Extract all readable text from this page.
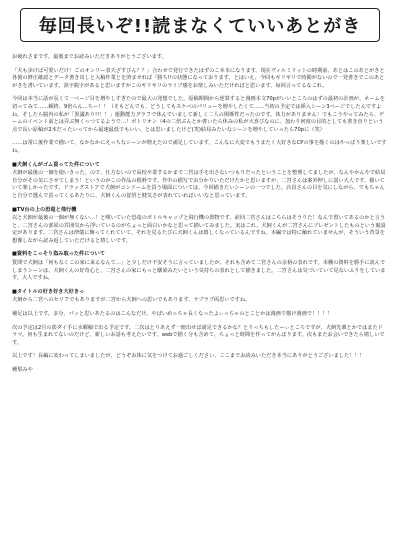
毎回長いぞ!!読まなくていいあとがき

お疲れさまです。最後までお読みいただきありがとうございます。

「犬も歩けば可愛いだけ！ごのオンリー表天ざすびん？？」合わせで発行できたはずのこ本本になります。現在ヴィルミリットの時期前、あとはこのあとがきと各箇の修正確認とデータ書き出しと入稿作業とを済ませれば「勝ち!!の状態になっております。とはいえ、今回もギリギリで時間がないので一発書きでこのあとがきを書いています。誤字脱字があると思いますがこのギリギリのライブ感をお楽しみいただければと思います。毎回言ってるなこれ。

今回は本当に話が長くて一ページ目を増やしすぎたので最大の発想でした。原稿期間から逆算すると漫画本文70pがいいところのはずの最初の計画が、ネームを切ってみて……頼終、9倍らん…ちー！！（そもどんでも、どうしてもスケベのパリューを増やしたくて……当初の予定では挿入シーン3ページでしたんですよね。そしたら脳内の私が「異議あり!!！！」運動能力グラフで休んでいまして新しく二人の関係性だったのです。体力がありません！でもこうやってみたら、ゲームのイベント前とは弄ぶ無くっつてるようで…！ボトリオン（4の二倍ぶんとか書いたら休みの私が大喜びなのに、加わり何度の目的としても書き直りという点で長い原稿が2本だったいってから最速最低でもいい、とは思いましたけど(笑)結局みたいなシーンを増やしていったら70pに（笑）

……は常に後作業で描いて、なかなかにえっちなシーンが増えたので満足しています。こんなに大変でもうまたく大好きなCPの事を描くのはやっぱり楽しいですね。

■犬飼くんがゴム買ってた件について

犬飼が最後の一個を使いきった。ので、仕方ないので高校卒業するかまで二宮は手を出さないつもりだったということを整理してましたが、なんやかんやで結局自分がその気にさせてしまう！というのがこの作品の根幹です。作中の描写でお分かりいただけたかと思いますが、二宮さんは案外押しに弱い大人です。描いていて楽しかったです。ドラッグストアで犬飼がコンドームを買う場面については、今回描きたいシーンの一つでした。店員さんの目を気にしながら、でもちゃんと自分で選んで買ってくるあたりに、犬飼くんの覚悟と健気さが表れていればいいなと思っています。

■TV台の上の恐竜と飛行機

以と犬飼が最後の一個が無くない…！と嘆いていた恐竜のボトルキャップと飛行機の置物です。前回二宮さんはこちらはそうりた！なんで置いてあるのかと言うと、二宮さんの部屋の雰囲気から浮いているのがちょっと面白いかなと思って描いてみました。実はこれ、犬飼くんが二宮さんにプレゼントしたものという裏設定があります。二宮さんは律儀に飾ってくれていて、それを見るたびに犬飼くんは嬉しくなっているんですね。本編では特に触れていませんが、そういう背景を想像しながら読み返していただけると嬉しいです。

■資料をこっそり盗み取った件について

質問で犬飼は「何もなくこの家に来るなんて…」と少しだけ不安そうに言っていましたが、それも含めて二宮さんの余裕の表れです。本棚の資料を勝手に読んでしまうシーンは、犬飼くんの好奇心と、二宮さんの家にもっと馴染みたいという気持ちの表れとして描きました。二宮さんは気づいていて見ないふりをしています。大人ですね。

■タイトルの好き好き大好きっ

犬飼から二宮へのセリフでもありますが二宮から犬飼への思いでもあります、ラブラブ両思いですね。

補足は以上です。多分。パッと思いあたるのはこんなだけ。やばいめっちゃ長くなったよぃっちゃのとことかは漫画で描け漫画で！！！！

次の予定は2月の影ダイ手に水曜稿で出る予定です。二次はとりあえず一冊出せば満足できるかな？とりっちもしたーぃところですが、犬飼先輩とかではまたドラマ。何も生まれてないのだけど、新しいお話も考えたいです。webで描く分も含めて、ちょっと時間を作ってがんばります。次もまたお会いできたら嬉しいです。

以上です！長編に変わってしまいましたが、どうぞお体に気をつけてお過ごしください。ここまでお読みいただき本当にありがとうございました！！！

種梨みや
